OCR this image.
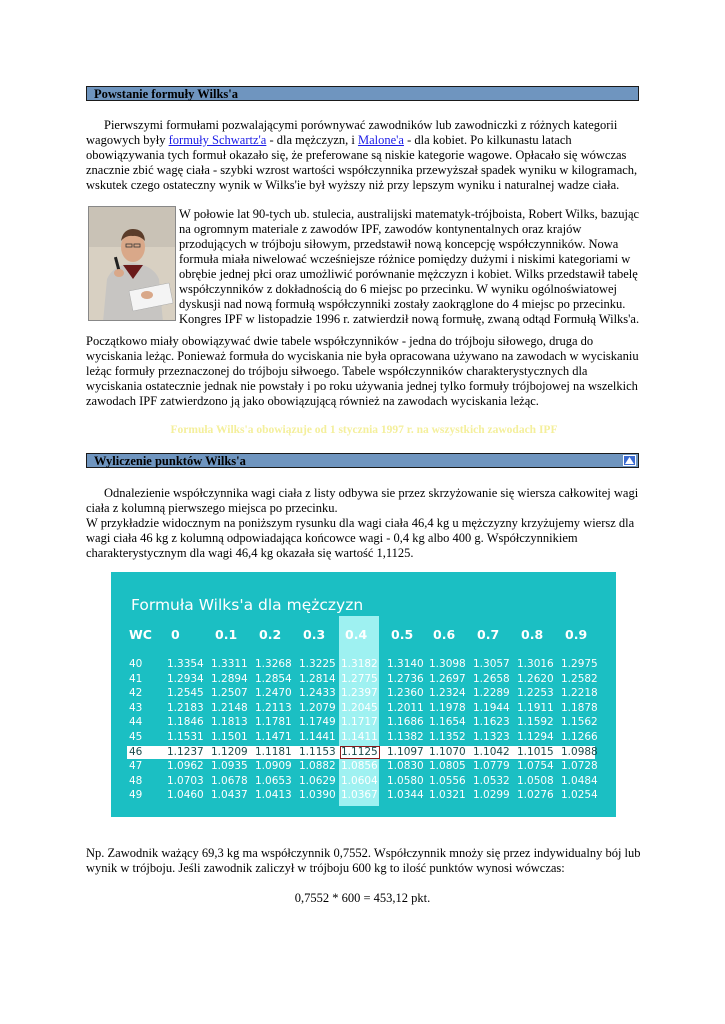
Powstanie formuły Wilks'a

Pierwszymi formułami pozwalającymi porównywać zawodników lub zawodniczki z różnych kategorii wagowych były formuły Schwartz'a - dla mężczyzn, i Malone'a - dla kobiet. Po kilkunastu latach obowiązywania tych formuł okazało się, że preferowane są niskie kategorie wagowe. Opłacało się wówczas znacznie zbić wagę ciała - szybki wzrost wartości współczynnika przewyższał spadek wyniku w kilogramach, wskutek czego ostateczny wynik w Wilks'ie był wyższy niż przy lepszym wyniku i naturalnej wadze ciała.

W połowie lat 90-tych ub. stulecia, australijski matematyk-trójboista, Robert Wilks, bazując
na ogromnym materiale z zawodów IPF, zawodów kontynentalnych oraz krajów
przodujących w trójboju siłowym, przedstawił nową koncepcję współczynników. Nowa
formuła miała niwelować wcześniejsze różnice pomiędzy dużymi i niskimi kategoriami w
obrębie jednej płci oraz umożliwić porównanie mężczyzn i kobiet. Wilks przedstawił tabelę
współczynników z dokładnością do 6 miejsc po przecinku. W wyniku ogólnoświatowej
dyskusji nad nową formułą współczynniki zostały zaokrąglone do 4 miejsc po przecinku.
Kongres IPF w listopadzie 1996 r. zatwierdził nową formułę, zwaną odtąd Formułą Wilks'a.

Początkowo miały obowiązywać dwie tabele współczynników - jedna do trójboju siłowego, druga do wyciskania leżąc. Ponieważ formuła do wyciskania nie była opracowana używano na zawodach w wyciskaniu leżąc formuły przeznaczonej do trójboju siłwoego. Tabele współczynników charakterystycznych dla wyciskania ostatecznie jednak nie powstały i po roku używania jednej tylko formuły trójbojowej na wszelkich zawodach IPF zatwierdzono ją jako obowiązującą również na zawodach wyciskania leżąc.

Formuła Wilks'a obowiązuje od 1 stycznia 1997 r. na wszystkich zawodach IPF
Wyliczenie punktów Wilks'a

Odnalezienie współczynnika wagi ciała z listy odbywa sie przez skrzyżowanie się wiersza całkowitej wagi ciała z kolumną pierwszego miejsca po przecinku.

W przykładzie widocznym na poniższym rysunku dla wagi ciała 46,4 kg u mężczyzny krzyżujemy wiersz dla wagi ciała 46 kg z kolumną odpowiadająca końcowce wagi - 0,4 kg albo 400 g. Współczynnikiem charakterystycznym dla wagi 46,4 kg okazała się wartość 1,1125.

Formuła Wilks'a dla mężczyzn
WC 0	0.1 0.2 0.3 0.4 0.5 0.6 0.7 0.8 0.9
40 1.3354 1.3311 1.3268 1.3225 1.3182 1.3140 1.3098 1.3057 1.3016 1.2975
41 1.2934 1.2894 1.2854 1.2814 1.2775 1.2736 1.2697 1.2658 1.2620 1.2582
42 1.2545 1.2507 1.2470 1.2433 1.2397 1.2360 1.2324 1.2289 1.2253 1.2218
43 1.2183 1.2148 1.2113 1.2079 1.2045 1.2011 1.1978 1.1944 1.1911 1.1878
44 1.1846 1.1813 1.1781 1.1749 1.1717 1.1686 1.1654 1.1623 1.1592 1.1562
45 1.1531 1.1501 1.1471 1.1441 1.1411 1.1382 1.1352 1.1323 1.1294 1.1266
46 1.1237 1.1209 1.1181 1.1153 1.1125 1.1097 1.1070 1.1042 1.1015 1.0988
47 1.0962 1.0935 1.0909 1.0882 1.0856 1.0830 1.0805 1.0779 1.0754 1.0728
48 1.0703 1.0678 1.0653 1.0629 1.0604 1.0580 1.0556 1.0532 1.0508 1.0484
49 1.0460 1.0437 1.0413 1.0390 1.0367 1.0344 1.0321 1.0299 1.0276 1.0254

Np. Zawodnik ważący 69,3 kg ma współczynnik 0,7552. Współczynnik mnoży się przez indywidualny bój lub wynik w trójboju. Jeśli zawodnik zaliczył w trójboju 600 kg to ilość punktów wynosi wówczas:

0,7552 * 600 = 453,12 pkt.
